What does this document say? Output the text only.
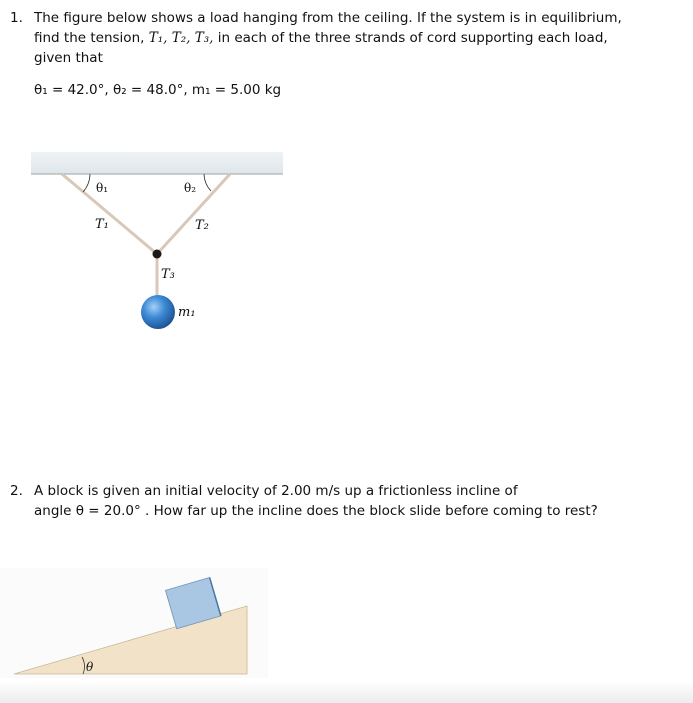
1. The figure below shows a load hanging from the ceiling. If the system is in equilibrium,
find the tension, T₁, T₂, T₃, in each of the three strands of cord supporting each load,
given that
θ₁ = 42.0°, θ₂ = 48.0°, m₁ = 5.00 kg
θ₁	θ₂
T₁	T₂
T₃
m₁
2. A block is given an initial velocity of 2.00 m/s up a frictionless incline of
angle θ = 20.0° . How far up the incline does the block slide before coming to rest?
θ
